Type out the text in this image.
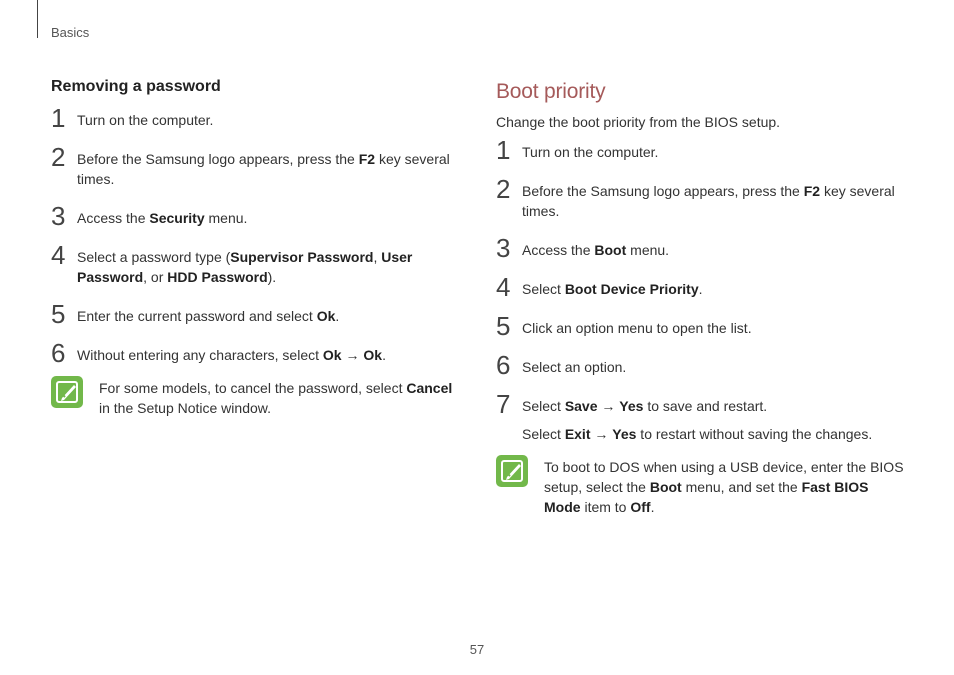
Basics
Removing a password
1 Turn on the computer.
2 Before the Samsung logo appears, press the F2 key several times.
3 Access the Security menu.
4 Select a password type (Supervisor Password, User Password, or HDD Password).
5 Enter the current password and select Ok.
6 Without entering any characters, select Ok → Ok.
For some models, to cancel the password, select Cancel in the Setup Notice window.
Boot priority

Change the boot priority from the BIOS setup.

1 Turn on the computer.
2 Before the Samsung logo appears, press the F2 key several times.
3 Access the Boot menu.
4 Select Boot Device Priority.
5 Click an option menu to open the list.
6 Select an option.
7 Select Save → Yes to save and restart.
Select Exit → Yes to restart without saving the changes.
To boot to DOS when using a USB device, enter the BIOS setup, select the Boot menu, and set the Fast BIOS Mode item to Off.
57
